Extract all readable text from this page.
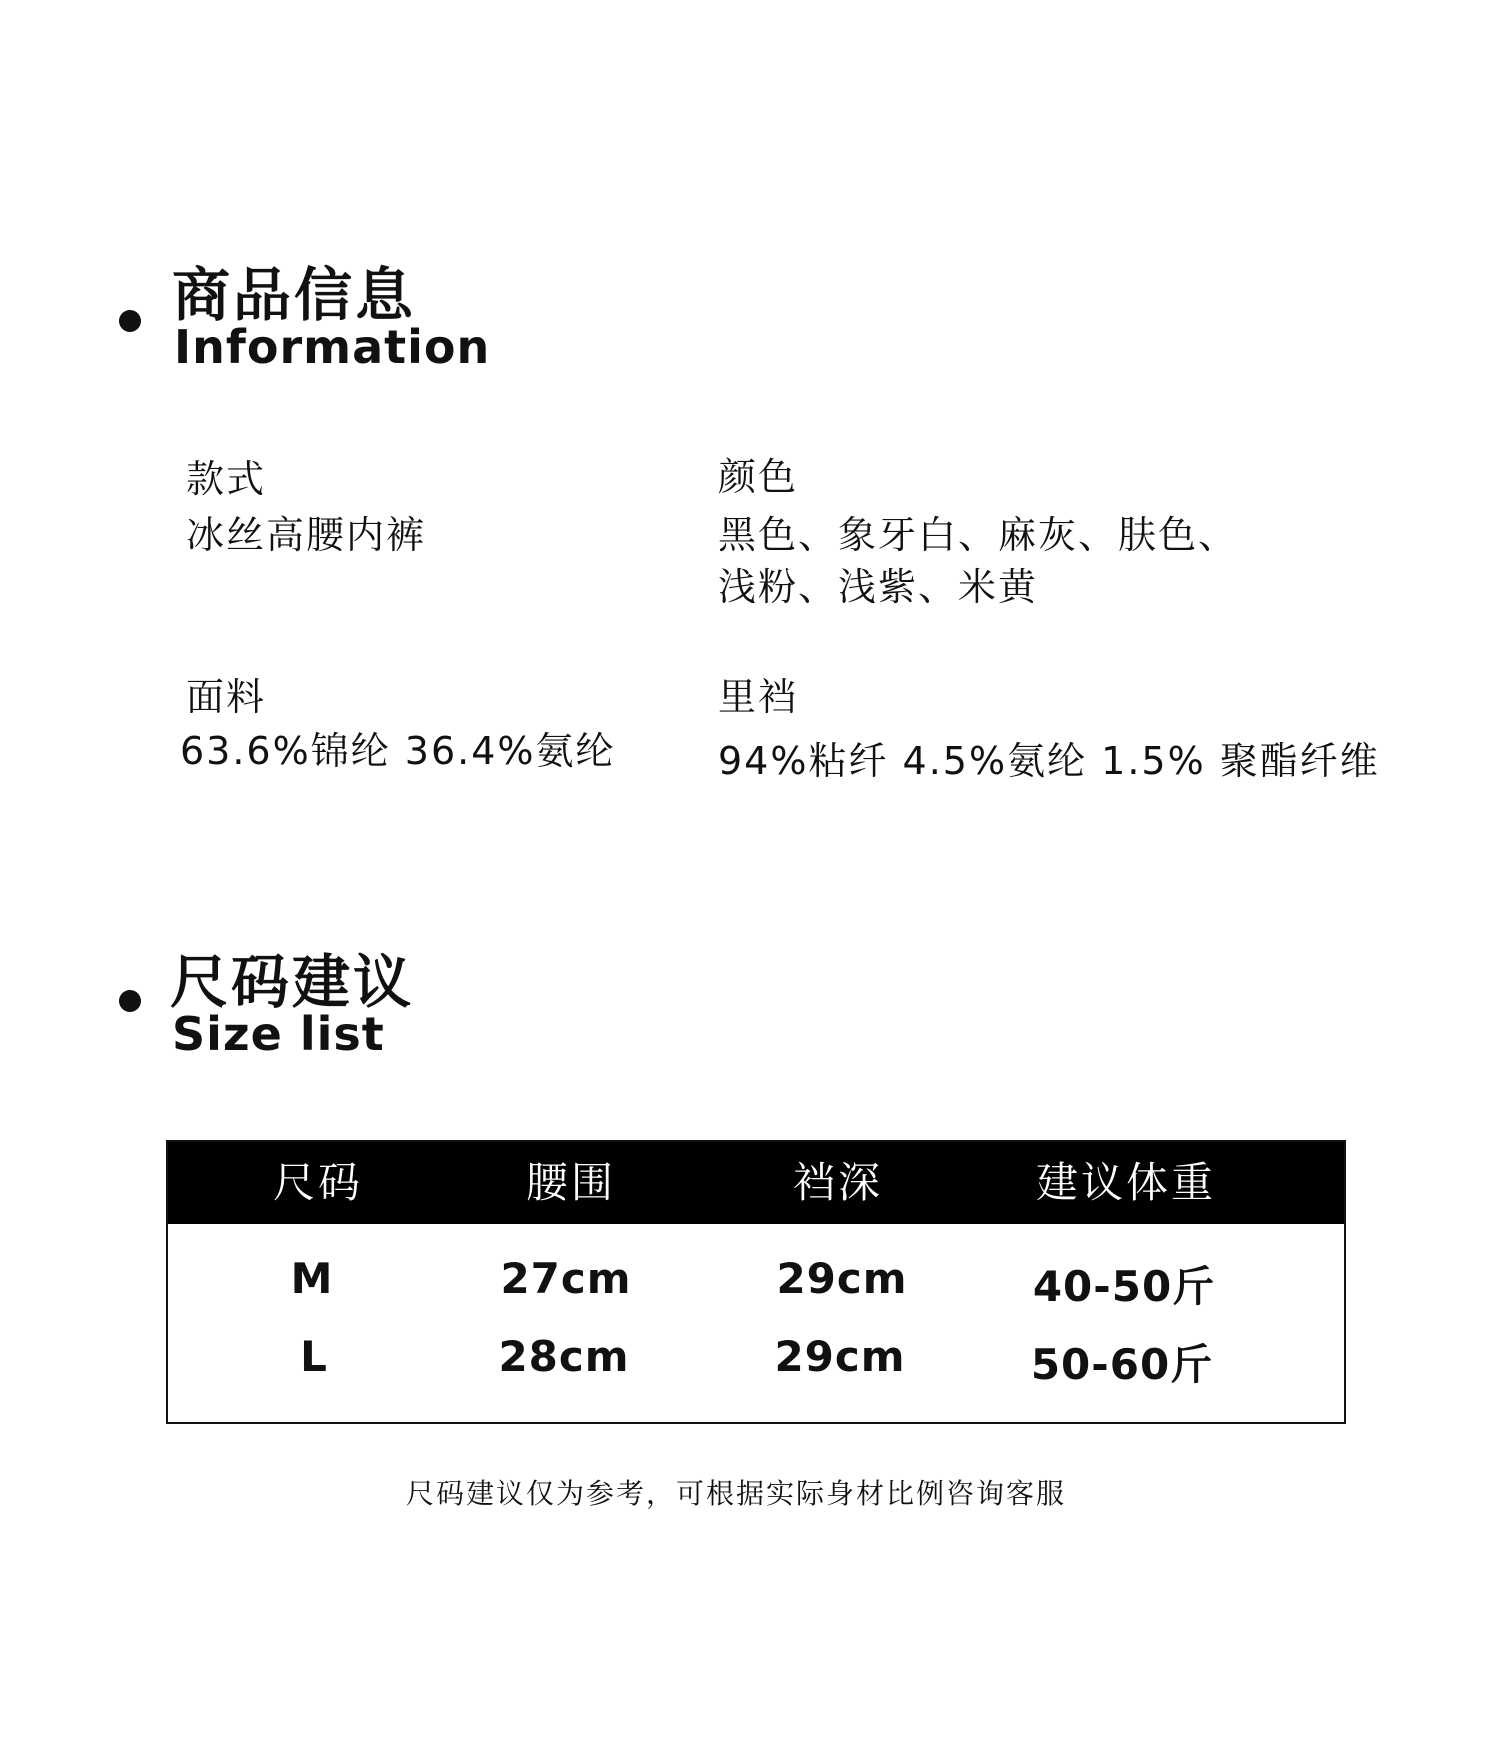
商品信息
Information
款式
冰丝高腰内裤
颜色
黑色、象牙白、麻灰、肤色、
浅粉、浅紫、米黄
面料
63.6%锦纶 36.4%氨纶
里裆
94%粘纤 4.5%氨纶 1.5% 聚酯纤维
尺码建议
Size list
尺码	腰围	裆深	建议体重
M	27cm	29cm	40-50斤
L	28cm	29cm	50-60斤
尺码建议仅为参考，可根据实际身材比例咨询客服
